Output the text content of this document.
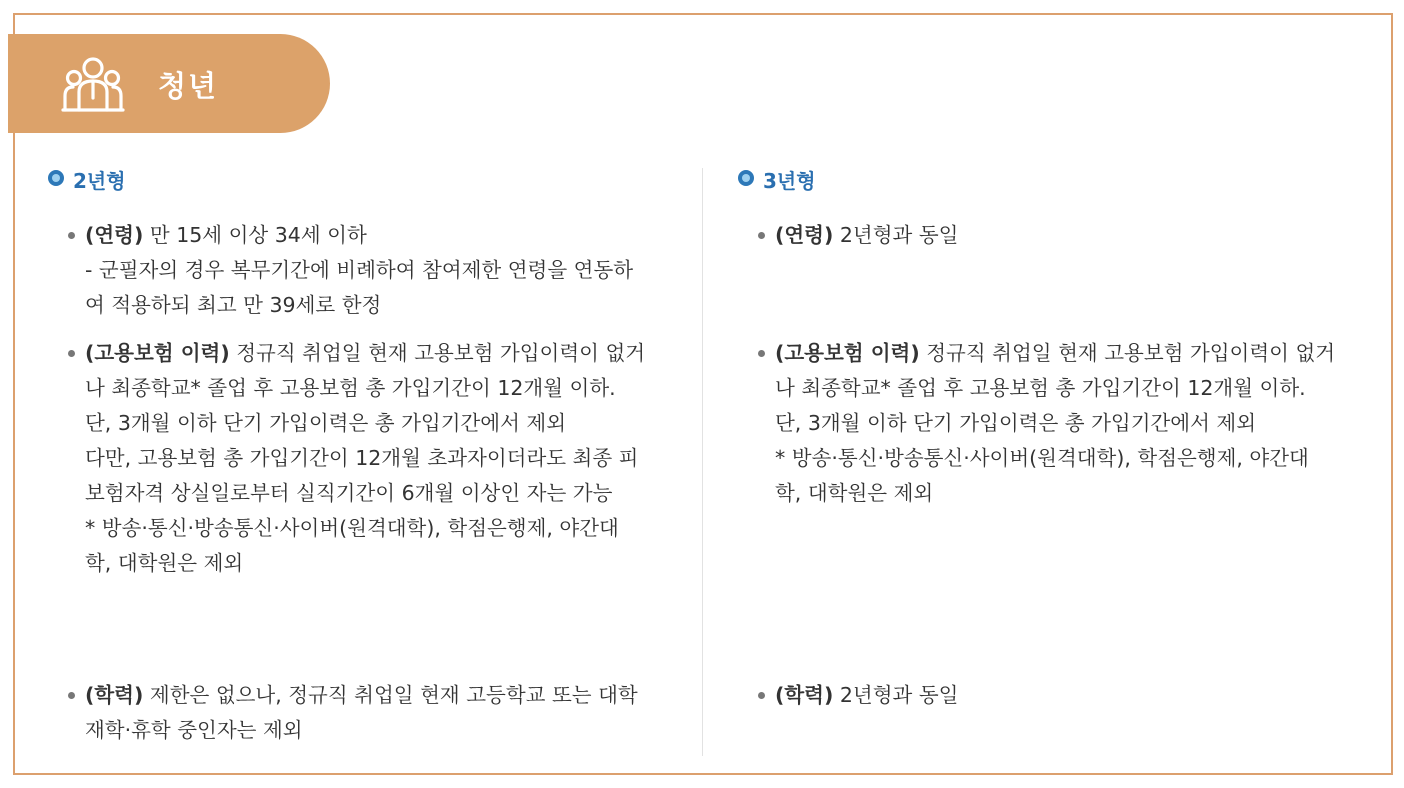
청년
2년형
(연령) 만 15세 이상 34세 이하
- 군필자의 경우 복무기간에 비례하여 참여제한 연령을 연동하
여 적용하되 최고 만 39세로 한정
(고용보험 이력) 정규직 취업일 현재 고용보험 가입이력이 없거
나 최종학교* 졸업 후 고용보험 총 가입기간이 12개월 이하.
단, 3개월 이하 단기 가입이력은 총 가입기간에서 제외
다만, 고용보험 총 가입기간이 12개월 초과자이더라도 최종 피
보험자격 상실일로부터 실직기간이 6개월 이상인 자는 가능
* 방송·통신·방송통신·사이버(원격대학), 학점은행제, 야간대
학, 대학원은 제외
(학력) 제한은 없으나, 정규직 취업일 현재 고등학교 또는 대학
재학·휴학 중인자는 제외
3년형
(연령) 2년형과 동일
(고용보험 이력) 정규직 취업일 현재 고용보험 가입이력이 없거
나 최종학교* 졸업 후 고용보험 총 가입기간이 12개월 이하.
단, 3개월 이하 단기 가입이력은 총 가입기간에서 제외
* 방송·통신·방송통신·사이버(원격대학), 학점은행제, 야간대
학, 대학원은 제외
(학력) 2년형과 동일
